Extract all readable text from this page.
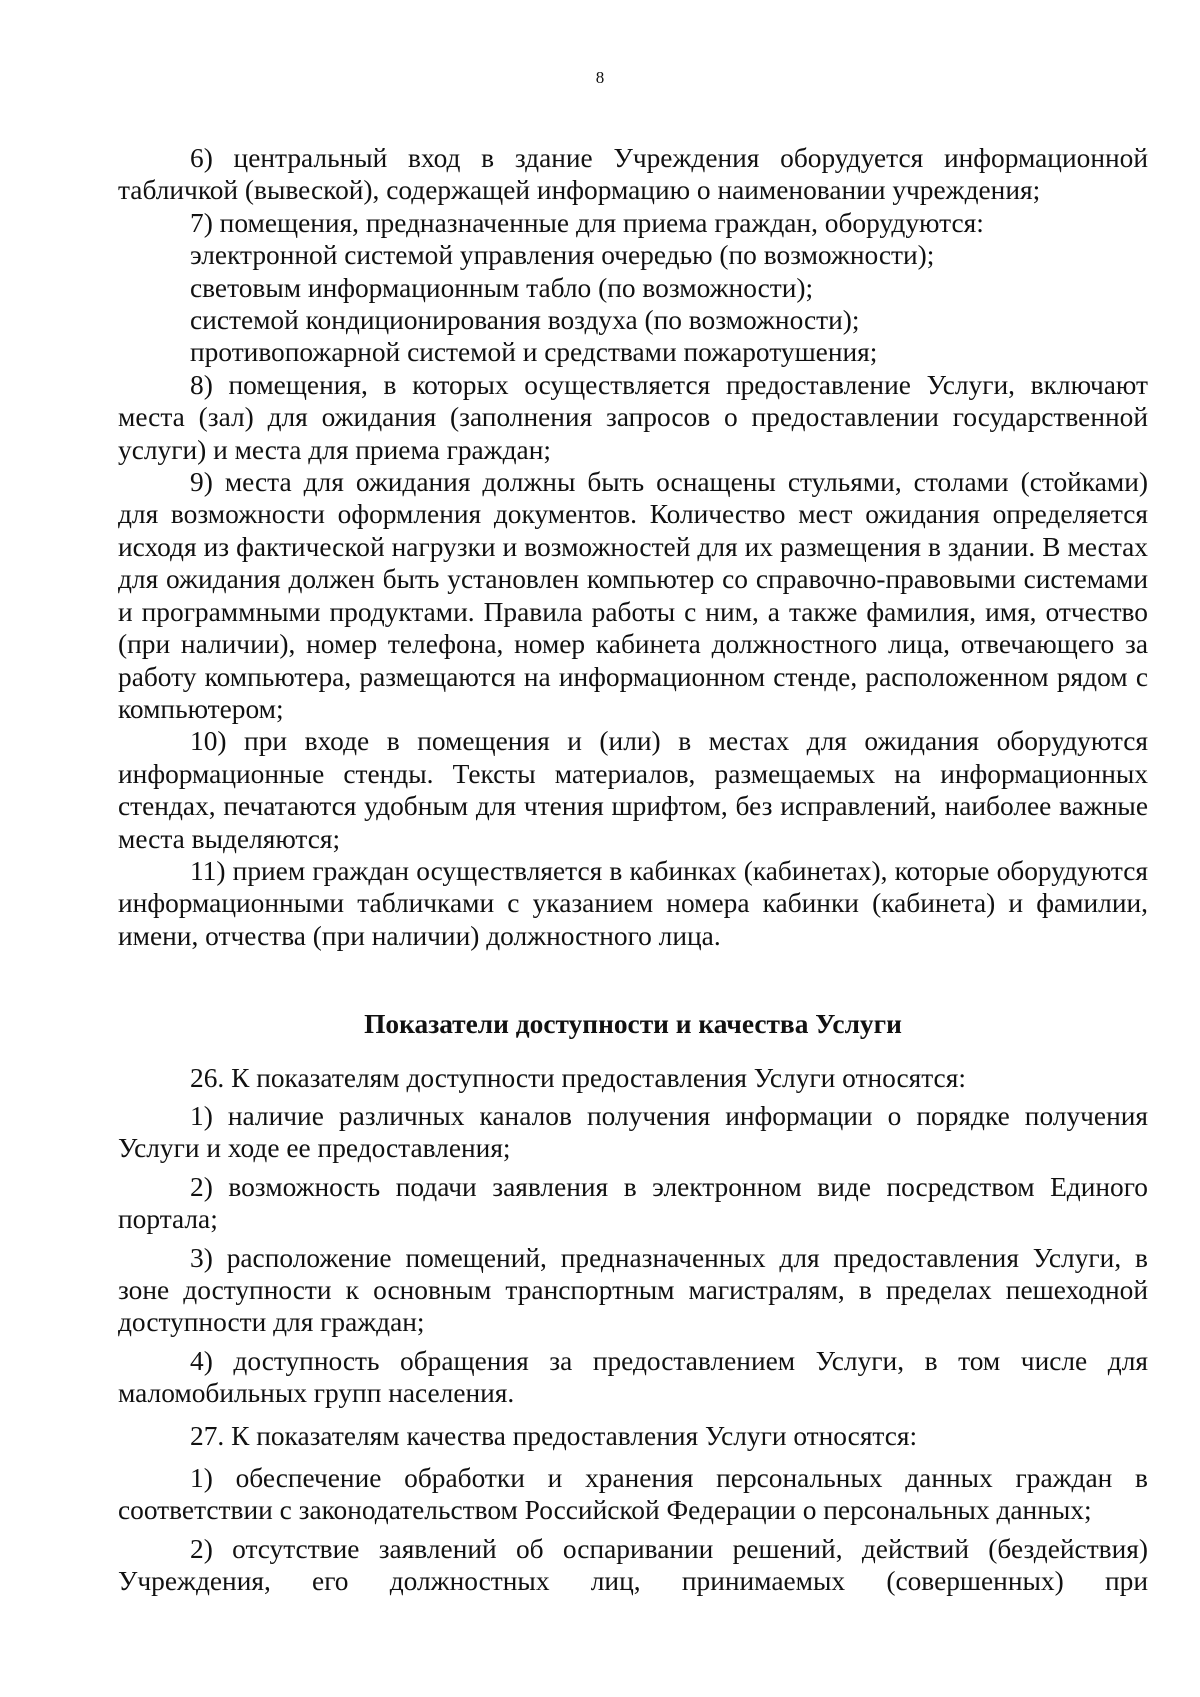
8

6) центральный вход в здание Учреждения оборудуется информационной табличкой (вывеской), содержащей информацию о наименовании учреждения;

7) помещения, предназначенные для приема граждан, оборудуются:

электронной системой управления очередью (по возможности);

световым информационным табло (по возможности);

системой кондиционирования воздуха (по возможности);

противопожарной системой и средствами пожаротушения;

8) помещения, в которых осуществляется предоставление Услуги, включают места (зал) для ожидания (заполнения запросов о предоставлении государственной услуги) и места для приема граждан;

9) места для ожидания должны быть оснащены стульями, столами (стойками) для возможности оформления документов. Количество мест ожидания определяется исходя из фактической нагрузки и возможностей для их размещения в здании. В местах для ожидания должен быть установлен компьютер со справочно-правовыми системами и программными продуктами. Правила работы с ним, а также фамилия, имя, отчество (при наличии), номер телефона, номер кабинета должностного лица, отвечающего за работу компьютера, размещаются на информационном стенде, расположенном рядом с компьютером;

10) при входе в помещения и (или) в местах для ожидания оборудуются информационные стенды. Тексты материалов, размещаемых на информационных стендах, печатаются удобным для чтения шрифтом, без исправлений, наиболее важные места выделяются;

11) прием граждан осуществляется в кабинках (кабинетах), которые оборудуются информационными табличками с указанием номера кабинки (кабинета) и фамилии, имени, отчества (при наличии) должностного лица.

Показатели доступности и качества Услуги

26. К показателям доступности предоставления Услуги относятся:

1) наличие различных каналов получения информации о порядке получения Услуги и ходе ее предоставления;

2) возможность подачи заявления в электронном виде посредством Единого портала;

3) расположение помещений, предназначенных для предоставления Услуги, в зоне доступности к основным транспортным магистралям, в пределах пешеходной доступности для граждан;

4) доступность обращения за предоставлением Услуги, в том числе для маломобильных групп населения.

27. К показателям качества предоставления Услуги относятся:

1) обеспечение обработки и хранения персональных данных граждан в соответствии с законодательством Российской Федерации о персональных данных;

2) отсутствие заявлений об оспаривании решений, действий (бездействия) Учреждения, его должностных лиц, принимаемых (совершенных) при
